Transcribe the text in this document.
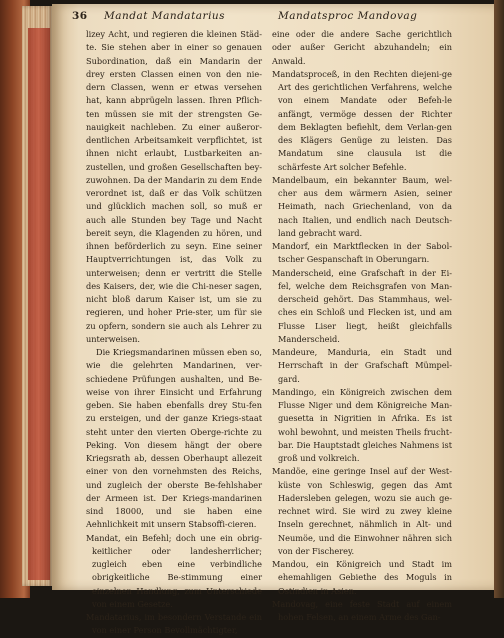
36 Mandat Mandatarius	Mandatsproc Mandovag

lizey Acht, und regieren die kleinen Städ-te. Sie stehen aber in einer so genauen Subordination, daß ein Mandarin der drey ersten Classen einen von den nie-dern Classen, wenn er etwas versehen hat, kann abprügeln lassen. Ihren Pflich-ten müssen sie mit der strengsten Ge-nauigkeit nachleben. Zu einer außeror-dentlichen Arbeitsamkeit verpflichtet, ist ihnen nicht erlaubt, Lustbarkeiten an-zustellen, und großen Gesellschaften bey-zuwohnen. Da der Mandarin zu dem Ende verordnet ist, daß er das Volk schützen und glücklich machen soll, so muß er auch alle Stunden bey Tage und Nacht bereit seyn, die Klagenden zu hören, und ihnen beförderlich zu seyn. Eine seiner Hauptverrichtungen ist, das Volk zu unterweisen; denn er vertritt die Stelle des Kaisers, der, wie die Chi-neser sagen, nicht bloß darum Kaiser ist, um sie zu regieren, und hoher Prie-ster, um für sie zu opfern, sondern sie auch als Lehrer zu unterweisen.

Die Kriegsmandarinen müssen eben so, wie die gelehrten Mandarinen, ver-schiedene Prüfungen aushalten, und Be-weise von ihrer Einsicht und Erfahrung geben. Sie haben ebenfalls drey Stu-fen zu ersteigen, und der ganze Kriegs-staat steht unter den vierten Oberge-richte zu Peking. Von diesem hängt der obere Kriegsrath ab, dessen Oberhaupt allezeit einer von den vornehmsten des Reichs, und zugleich der oberste Be-fehlshaber der Armeen ist. Der Kriegs-mandarinen sind 18000, und sie haben eine Aehnlichkeit mit unsern Stabsoffi-cieren.

Mandat, ein Befehl; doch une ein obrig-keitlicher oder landesherrlicher; zugleich eben eine verbindliche obrigkeitliche Be-stimmung einer einzelnen Handlung, zum Unterschiede von einem Gesetze.

Mandatarius, im besondern Verstande ein von einer Person Bevollmächtigter,

eine oder die andere Sache gerichtlich oder außer Gericht abzuhandeln; ein Anwald.

Mandatsproceß, in den Rechten diejeni-ge Art des gerichtlichen Verfahrens, welche von einem Mandate oder Befeh-le anfängt, vermöge dessen der Richter dem Beklagten befiehlt, dem Verlan-gen des Klägers Genüge zu leisten. Das Mandatum sine clausula ist die schärfeste Art solcher Befehle.

Mandelbaum, ein bekannter Baum, wel-cher aus dem wärmern Asien, seiner Heimath, nach Griechenland, von da nach Italien, und endlich nach Deutsch-land gebracht ward.

Mandorf, ein Marktflecken in der Sabol-tscher Gespanschaft in Oberungarn.

Manderscheid, eine Grafschaft in der Ei-fel, welche dem Reichsgrafen von Man-derscheid gehört. Das Stammhaus, wel-ches ein Schloß und Flecken ist, und am Flusse Liser liegt, heißt gleichfalls Manderscheid.

Mandeure, Manduria, ein Stadt und Herrschaft in der Grafschaft Mümpel-gard.

Mandingo, ein Königreich zwischen dem Flusse Niger und dem Königreiche Man-guesetta in Nigritien in Afrika. Es ist wohl bewohnt, und meisten Theils frucht-bar. Die Hauptstadt gleiches Nahmens ist groß und volkreich.

Mandöe, eine geringe Insel auf der West-küste von Schleswig, gegen das Amt Hadersleben gelegen, wozu sie auch ge-rechnet wird. Sie wird zu zwey kleine Inseln gerechnet, nähmlich in Alt- und Neumöe, und die Einwohner nähren sich von der Fischerey.

Mandou, ein Königreich und Stadt im ehemahligen Gebiethe des Moguls in Ostindien in Asien.

Mandovag, eine feste Stadt auf einem hohen Felsen, an einem Arme des Gan-
